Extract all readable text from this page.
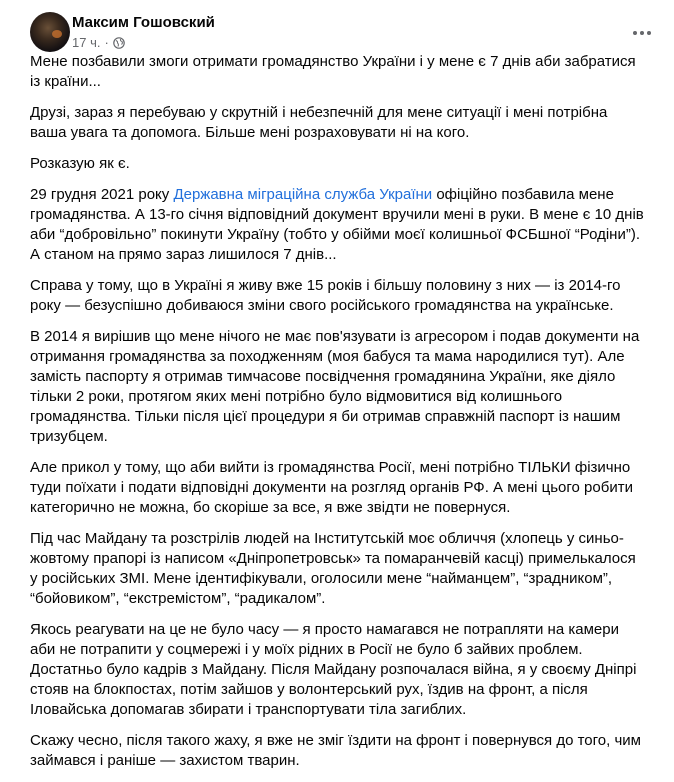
Максим Гошовский
17 ч. ·

Мене позбавили змоги отримати громадянство України і у мене є 7 днів аби забратися із країни...

Друзі, зараз я перебуваю у скрутній і небезпечній для мене ситуації і мені потрібна ваша увага та допомога. Більше мені розраховувати ні на кого.

Розказую як є.

29 грудня 2021 року Державна міграційна служба України офіційно позбавила мене громадянства. А 13-го січня відповідний документ вручили мені в руки. В мене є 10 днів аби “добровільно” покинути Україну (тобто у обійми моєї колишньої ФСБшної “Родіни”). А станом на прямо зараз лишилося 7 днів...

Справа у тому, що в Україні я живу вже 15 років і більшу половину з них — із 2014-го року — безуспішно добиваюся зміни свого російського громадянства на українське.

В 2014 я вирішив що мене нічого не має пов'язувати із агресором і подав документи на отримання громадянства за походженням (моя бабуся та мама народилися тут). Але замість паспорту я отримав тимчасове посвідчення громадянина України, яке діяло тільки 2 роки, протягом яких мені потрібно було відмовитися від колишнього громадянства. Тільки після цієї процедури я би отримав справжній паспорт із нашим тризубцем.

Але прикол у тому, що аби вийти із громадянства Росії, мені потрібно ТІЛЬКИ фізично туди поїхати і подати відповідні документи на розгляд органів РФ. А мені цього робити категорично не можна, бо скоріше за все, я вже звідти не повернуся.

Під час Майдану та розстрілів людей на Інститутській моє обличчя (хлопець у синьо-жовтому прапорі із написом «Дніпропетровськ» та помаранчевій касці) примелькалося у російських ЗМІ. Мене ідентифікували, оголосили мене “найманцем”, “зрадником”, “бойовиком”, “екстремістом”, “радикалом”.

Якось реагувати на це не було часу — я просто намагався не потрапляти на камери аби не потрапити у соцмережі і у моїх рідних в Росії не було б зайвих проблем. Достатньо було кадрів з Майдану. Після Майдану розпочалася війна, я у своєму Дніпрі стояв на блокпостах, потім зайшов у волонтерський рух, їздив на фронт, а після Іловайська допомагав збирати і транспортувати тіла загиблих.

Скажу чесно, після такого жаху, я вже не зміг їздити на фронт і повернувся до того, чим займався і раніше — захистом тварин.
